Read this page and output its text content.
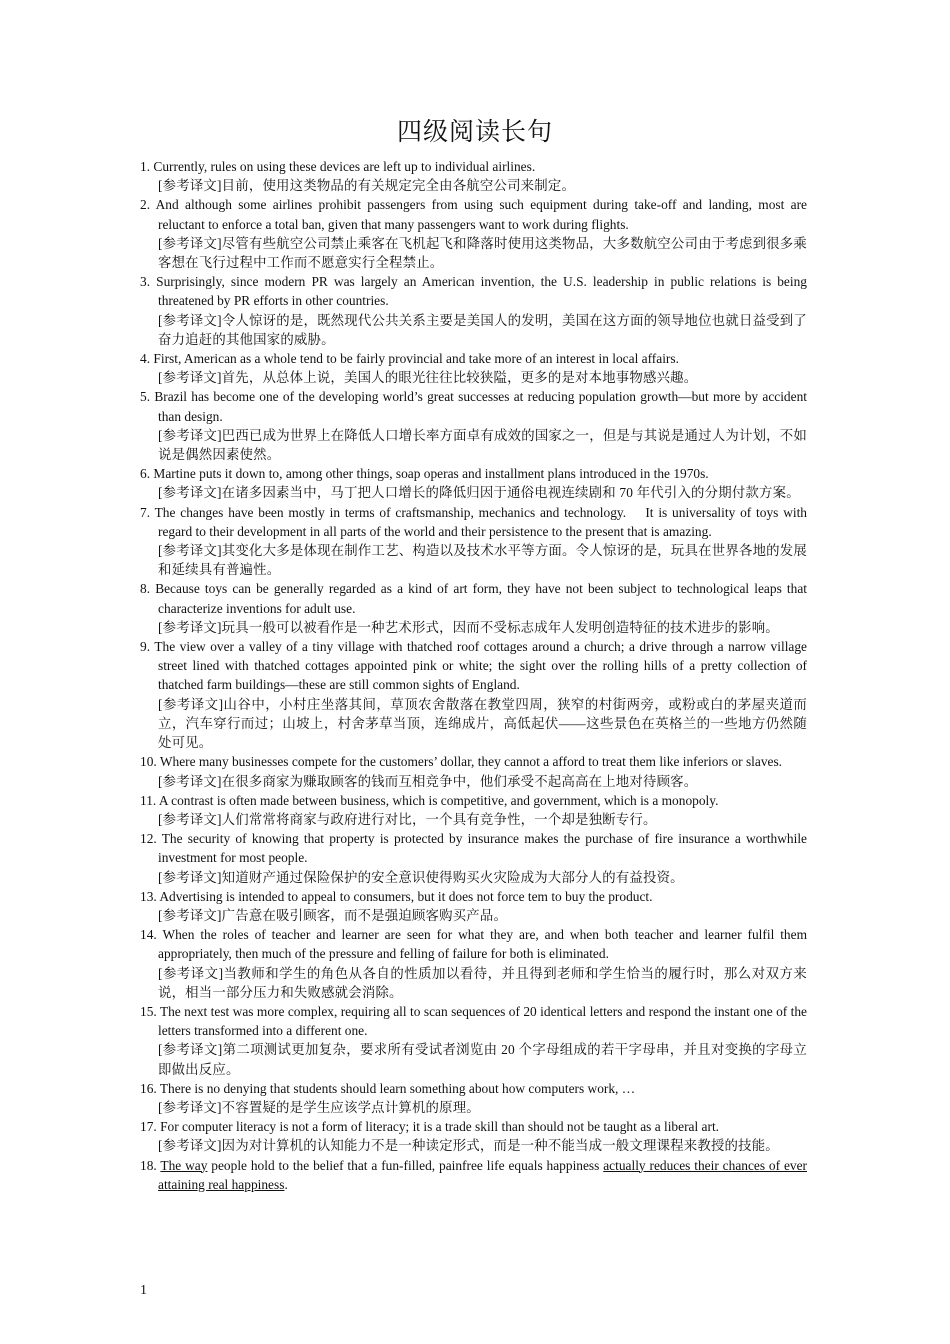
四级阅读长句
1. Currently, rules on using these devices are left up to individual airlines.
[参考译文]目前，使用这类物品的有关规定完全由各航空公司来制定。
2. And although some airlines prohibit passengers from using such equipment during take-off and landing, most are reluctant to enforce a total ban, given that many passengers want to work during flights.
[参考译文]尽管有些航空公司禁止乘客在飞机起飞和降落时使用这类物品，大多数航空公司由于考虑到很多乘客想在飞行过程中工作而不愿意实行全程禁止。
3. Surprisingly, since modern PR was largely an American invention, the U.S. leadership in public relations is being threatened by PR efforts in other countries.
[参考译文]令人惊讶的是，既然现代公共关系主要是美国人的发明，美国在这方面的领导地位也就日益受到了奋力追赶的其他国家的威胁。
4. First, American as a whole tend to be fairly provincial and take more of an interest in local affairs.
[参考译文]首先，从总体上说，美国人的眼光往往比较狭隘，更多的是对本地事物感兴趣。
5. Brazil has become one of the developing world’s great successes at reducing population growth—but more by accident than design.
[参考译文]巴西已成为世界上在降低人口增长率方面卓有成效的国家之一，但是与其说是通过人为计划，不如说是偶然因素使然。
6. Martine puts it down to, among other things, soap operas and installment plans introduced in the 1970s.
[参考译文]在诸多因素当中，马丁把人口增长的降低归因于通俗电视连续剧和 70 年代引入的分期付款方案。
7. The changes have been mostly in terms of craftsmanship, mechanics and technology.    It is universality of toys with regard to their development in all parts of the world and their persistence to the present that is amazing.
[参考译文]其变化大多是体现在制作工艺、构造以及技术水平等方面。令人惊讶的是，玩具在世界各地的发展和延续具有普遍性。
8. Because toys can be generally regarded as a kind of art form, they have not been subject to technological leaps that characterize inventions for adult use.
[参考译文]玩具一般可以被看作是一种艺术形式，因而不受标志成年人发明创造特征的技术进步的影响。
9. The view over a valley of a tiny village with thatched roof cottages around a church; a drive through a narrow village street lined with thatched cottages appointed pink or white; the sight over the rolling hills of a pretty collection of thatched farm buildings—these are still common sights of England.
[参考译文]山谷中，小村庄坐落其间，草顶农舍散落在教堂四周，狭窄的村街两旁，或粉或白的茅屋夹道而立，汽车穿行而过；山坡上，村舍茅草当顶，连绵成片，高低起伏——这些景色在英格兰的一些地方仍然随处可见。
10. Where many businesses compete for the customers’ dollar, they cannot a afford to treat them like inferiors or slaves.
[参考译文]在很多商家为赚取顾客的钱而互相竞争中，他们承受不起高高在上地对待顾客。
11. A contrast is often made between business, which is competitive, and government, which is a monopoly.
[参考译文]人们常常将商家与政府进行对比，一个具有竞争性，一个却是独断专行。
12. The security of knowing that property is protected by insurance makes the purchase of fire insurance a worthwhile investment for most people.
[参考译文]知道财产通过保险保护的安全意识使得购买火灾险成为大部分人的有益投资。
13. Advertising is intended to appeal to consumers, but it does not force tem to buy the product.
[参考译文]广告意在吸引顾客，而不是强迫顾客购买产品。
14. When the roles of teacher and learner are seen for what they are, and when both teacher and learner fulfil them appropriately, then much of the pressure and felling of failure for both is eliminated.
[参考译文]当教师和学生的角色从各自的性质加以看待，并且得到老师和学生恰当的履行时，那么对双方来说，相当一部分压力和失败感就会消除。
15. The next test was more complex, requiring all to scan sequences of 20 identical letters and respond the instant one of the letters transformed into a different one.
[参考译文]第二项测试更加复杂，要求所有受试者浏览由 20 个字母组成的若干字母串，并且对变换的字母立即做出反应。
16. There is no denying that students should learn something about how computers work, …
[参考译文]不容置疑的是学生应该学点计算机的原理。
17. For computer literacy is not a form of literacy; it is a trade skill than should not be taught as a liberal art.
[参考译文]因为对计算机的认知能力不是一种读定形式，而是一种不能当成一般文理课程来教授的技能。
18. The way people hold to the belief that a fun-filled, painfree life equals happiness actually reduces their chances of ever attaining real happiness.
1
